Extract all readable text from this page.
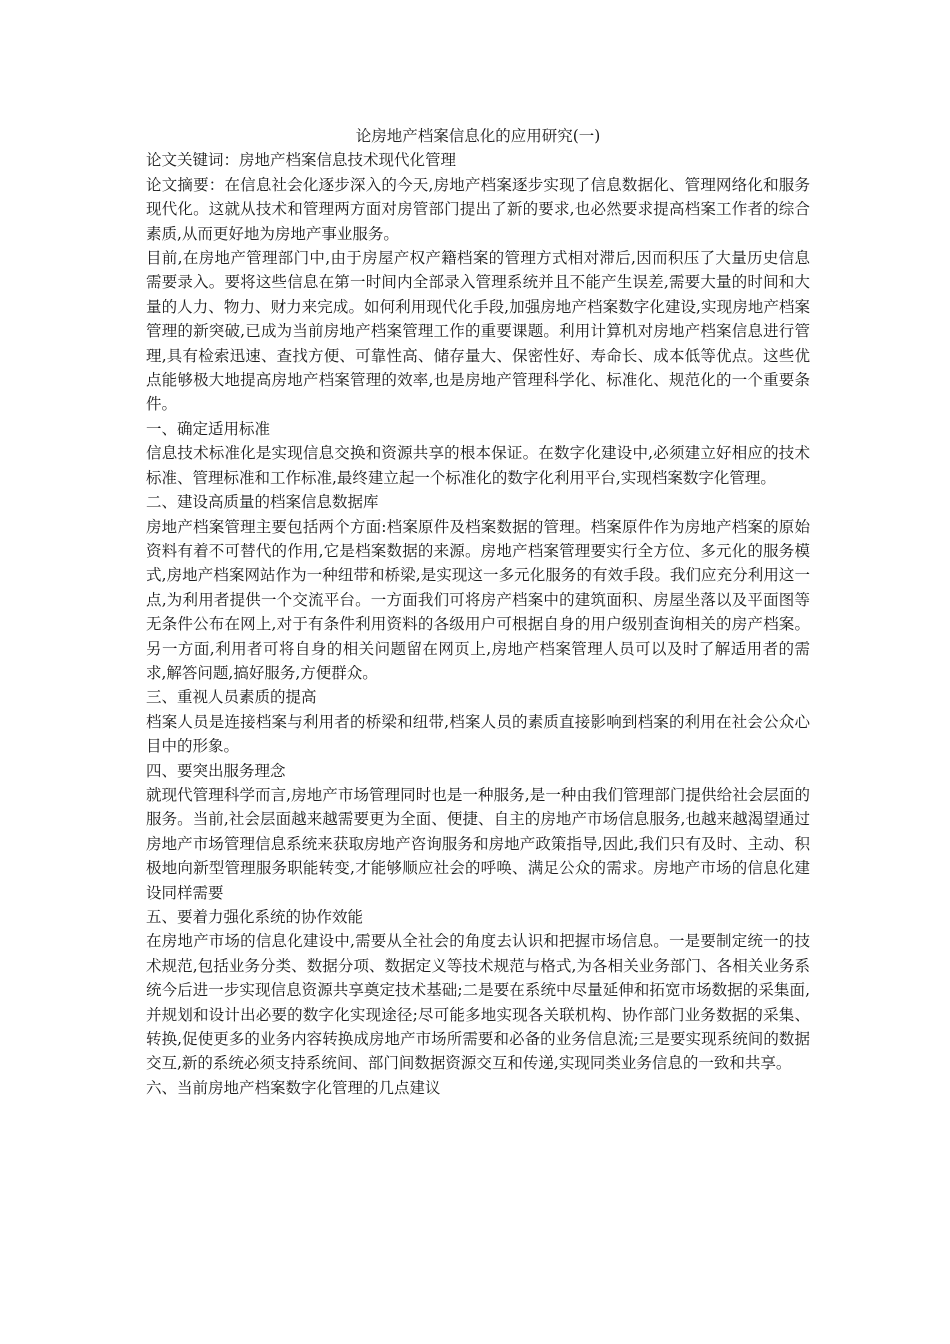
论房地产档案信息化的应用研究(一)

论文关键词：房地产档案信息技术现代化管理

论文摘要：在信息社会化逐步深入的今天,房地产档案逐步实现了信息数据化、管理网络化和服务现代化。这就从技术和管理两方面对房管部门提出了新的要求,也必然要求提高档案工作者的综合素质,从而更好地为房地产事业服务。

目前,在房地产管理部门中,由于房屋产权产籍档案的管理方式相对滞后,因而积压了大量历史信息需要录入。要将这些信息在第一时间内全部录入管理系统并且不能产生误差,需要大量的时间和大量的人力、物力、财力来完成。如何利用现代化手段,加强房地产档案数字化建设,实现房地产档案管理的新突破,已成为当前房地产档案管理工作的重要课题。利用计算机对房地产档案信息进行管理,具有检索迅速、查找方便、可靠性高、储存量大、保密性好、寿命长、成本低等优点。这些优点能够极大地提高房地产档案管理的效率,也是房地产管理科学化、标准化、规范化的一个重要条件。

一、确定适用标准

信息技术标准化是实现信息交换和资源共享的根本保证。在数字化建设中,必须建立好相应的技术标准、管理标准和工作标准,最终建立起一个标准化的数字化利用平台,实现档案数字化管理。

二、建设高质量的档案信息数据库

房地产档案管理主要包括两个方面:档案原件及档案数据的管理。档案原件作为房地产档案的原始资料有着不可替代的作用,它是档案数据的来源。房地产档案管理要实行全方位、多元化的服务模式,房地产档案网站作为一种纽带和桥梁,是实现这一多元化服务的有效手段。我们应充分利用这一点,为利用者提供一个交流平台。一方面我们可将房产档案中的建筑面积、房屋坐落以及平面图等无条件公布在网上,对于有条件利用资料的各级用户可根据自身的用户级别查询相关的房产档案。另一方面,利用者可将自身的相关问题留在网页上,房地产档案管理人员可以及时了解适用者的需求,解答问题,搞好服务,方便群众。

三、重视人员素质的提高

档案人员是连接档案与利用者的桥梁和纽带,档案人员的素质直接影响到档案的利用在社会公众心目中的形象。

四、要突出服务理念

就现代管理科学而言,房地产市场管理同时也是一种服务,是一种由我们管理部门提供给社会层面的服务。当前,社会层面越来越需要更为全面、便捷、自主的房地产市场信息服务,也越来越渴望通过房地产市场管理信息系统来获取房地产咨询服务和房地产政策指导,因此,我们只有及时、主动、积极地向新型管理服务职能转变,才能够顺应社会的呼唤、满足公众的需求。房地产市场的信息化建设同样需要

五、要着力强化系统的协作效能

在房地产市场的信息化建设中,需要从全社会的角度去认识和把握市场信息。一是要制定统一的技术规范,包括业务分类、数据分项、数据定义等技术规范与格式,为各相关业务部门、各相关业务系统今后进一步实现信息资源共享奠定技术基础;二是要在系统中尽量延伸和拓宽市场数据的采集面,并规划和设计出必要的数字化实现途径;尽可能多地实现各关联机构、协作部门业务数据的采集、转换,促使更多的业务内容转换成房地产市场所需要和必备的业务信息流;三是要实现系统间的数据交互,新的系统必须支持系统间、部门间数据资源交互和传递,实现同类业务信息的一致和共享。

六、当前房地产档案数字化管理的几点建议
